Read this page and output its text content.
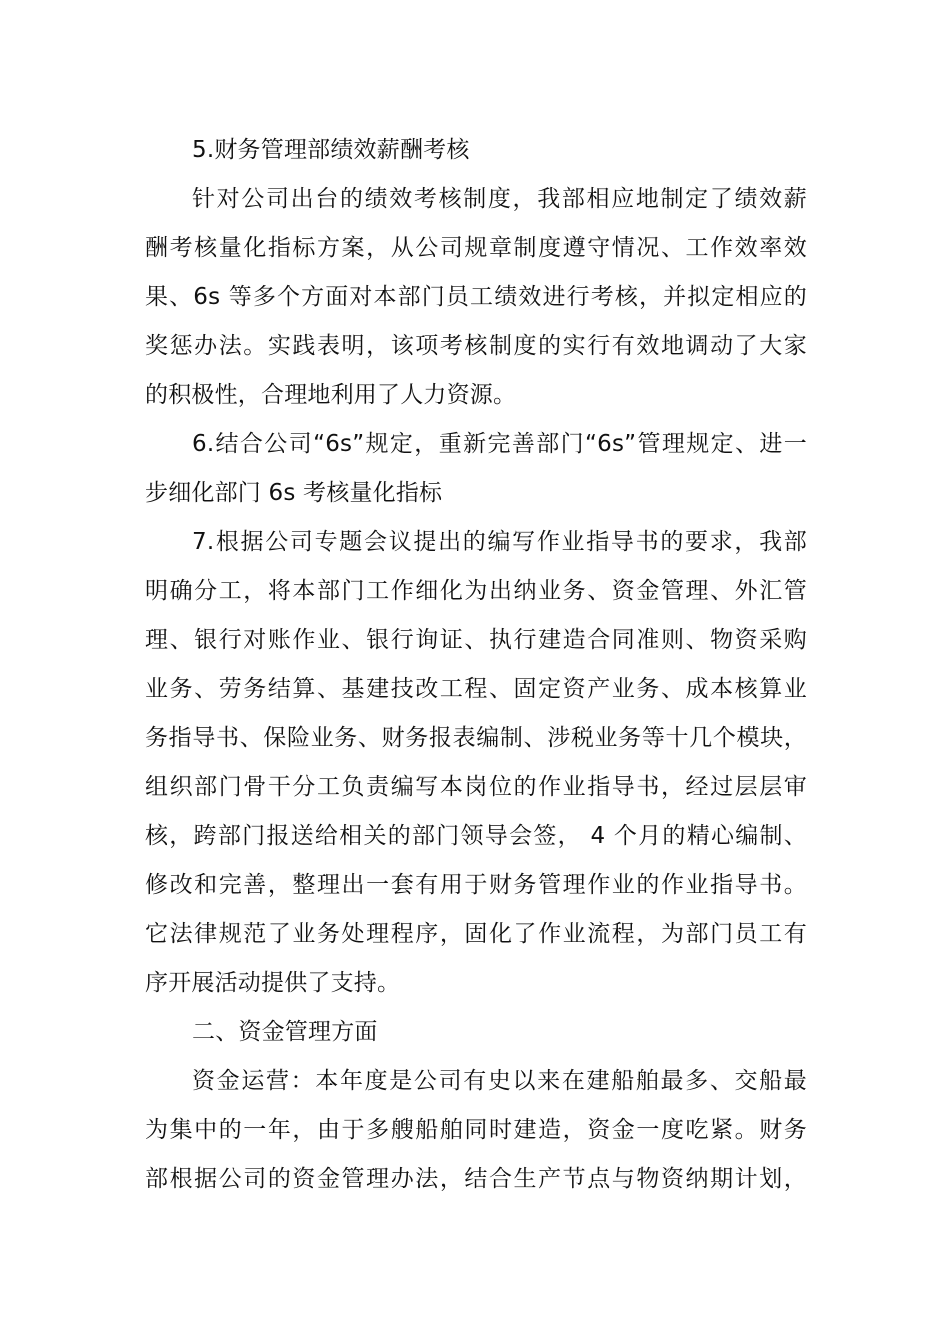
5.财务管理部绩效薪酬考核
针对公司出台的绩效考核制度，我部相应地制定了绩效薪
酬考核量化指标方案，从公司规章制度遵守情况、工作效率效
果、6s 等多个方面对本部门员工绩效进行考核，并拟定相应的
奖惩办法。实践表明，该项考核制度的实行有效地调动了大家
的积极性，合理地利用了人力资源。
6.结合公司“6s”规定，重新完善部门“6s”管理规定、进一
步细化部门 6s 考核量化指标
7.根据公司专题会议提出的编写作业指导书的要求，我部
明确分工，将本部门工作细化为出纳业务、资金管理、外汇管
理、银行对账作业、银行询证、执行建造合同准则、物资采购
业务、劳务结算、基建技改工程、固定资产业务、成本核算业
务指导书、保险业务、财务报表编制、涉税业务等十几个模块，
组织部门骨干分工负责编写本岗位的作业指导书，经过层层审
核，跨部门报送给相关的部门领导会签， 4 个月的精心编制、
修改和完善，整理出一套有用于财务管理作业的作业指导书。
它法律规范了业务处理程序，固化了作业流程，为部门员工有
序开展活动提供了支持。
二、资金管理方面
资金运营：本年度是公司有史以来在建船舶最多、交船最
为集中的一年，由于多艘船舶同时建造，资金一度吃紧。财务
部根据公司的资金管理办法，结合生产节点与物资纳期计划，
